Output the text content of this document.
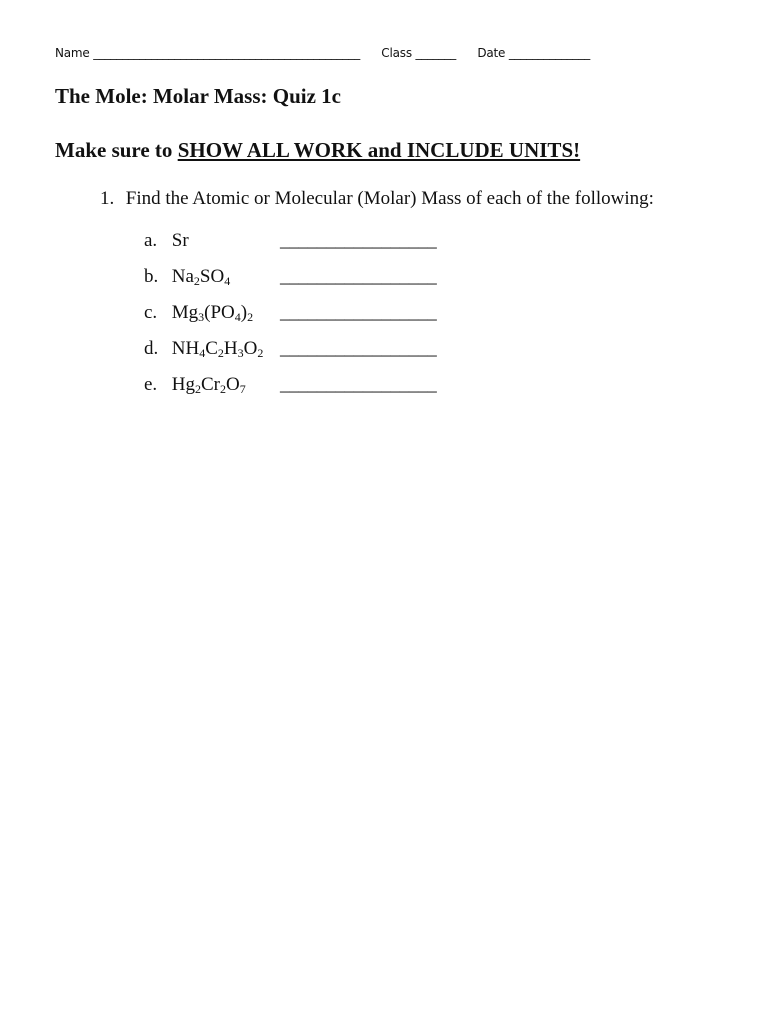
Name ______________________________________________ Class _______ Date ______________
The Mole: Molar Mass: Quiz 1c
Make sure to SHOW ALL WORK and INCLUDE UNITS!
1. Find the Atomic or Molecular (Molar) Mass of each of the following:
a. Sr	_________________
b. $Na_2SO_4$	_________________
c. $Mg_3(PO_4)_2$ _________________
d. $NH_4C_2H_3O_2$ _________________
e. $Hg_2Cr_2O_7$ _________________
